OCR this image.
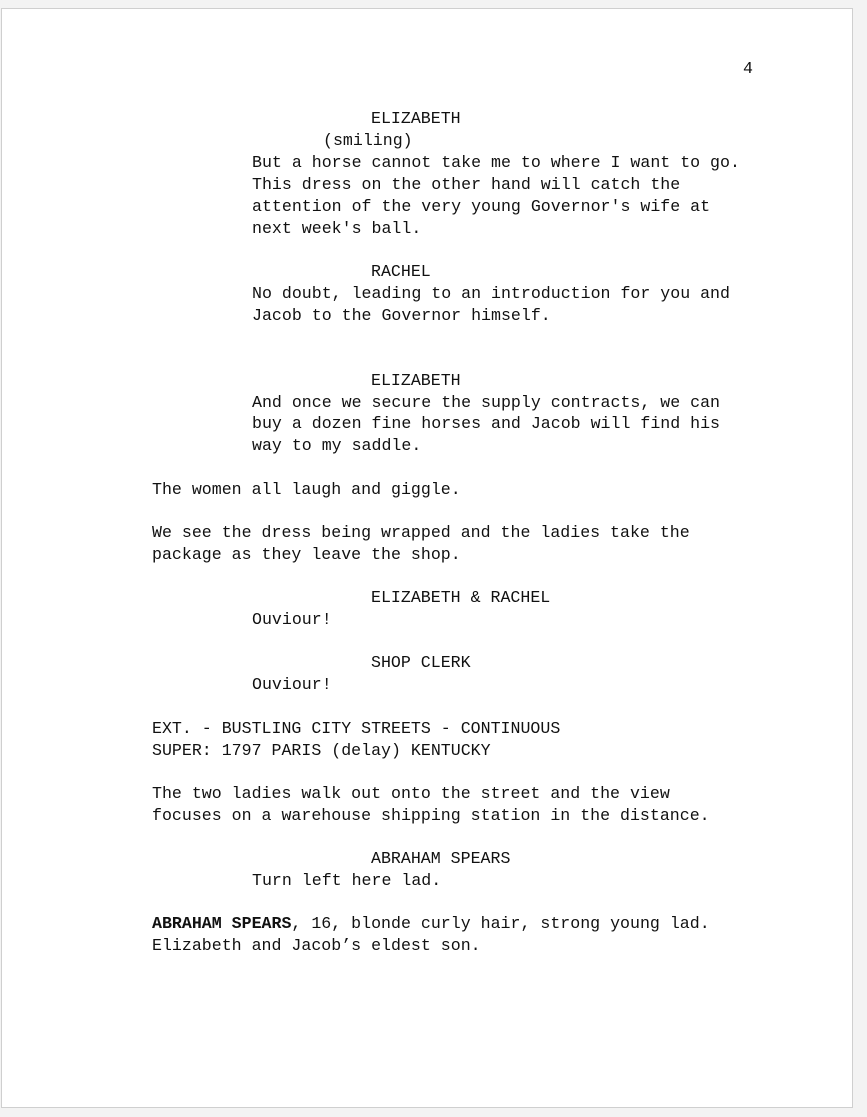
4
ELIZABETH
(smiling)
But a horse cannot take me to where I want to go.
This dress on the other hand will catch the
attention of the very young Governor's wife at
next week's ball.
RACHEL
No doubt, leading to an introduction for you and
Jacob to the Governor himself.
ELIZABETH
And once we secure the supply contracts, we can
buy a dozen fine horses and Jacob will find his
way to my saddle.
The women all laugh and giggle.
We see the dress being wrapped and the ladies take the
package as they leave the shop.
ELIZABETH & RACHEL
Ouviour!
SHOP CLERK
Ouviour!
EXT. - BUSTLING CITY STREETS - CONTINUOUS
SUPER: 1797 PARIS (delay) KENTUCKY
The two ladies walk out onto the street and the view
focuses on a warehouse shipping station in the distance.
ABRAHAM SPEARS
Turn left here lad.
ABRAHAM SPEARS, 16, blonde curly hair, strong young lad.
Elizabeth and Jacob’s eldest son.
